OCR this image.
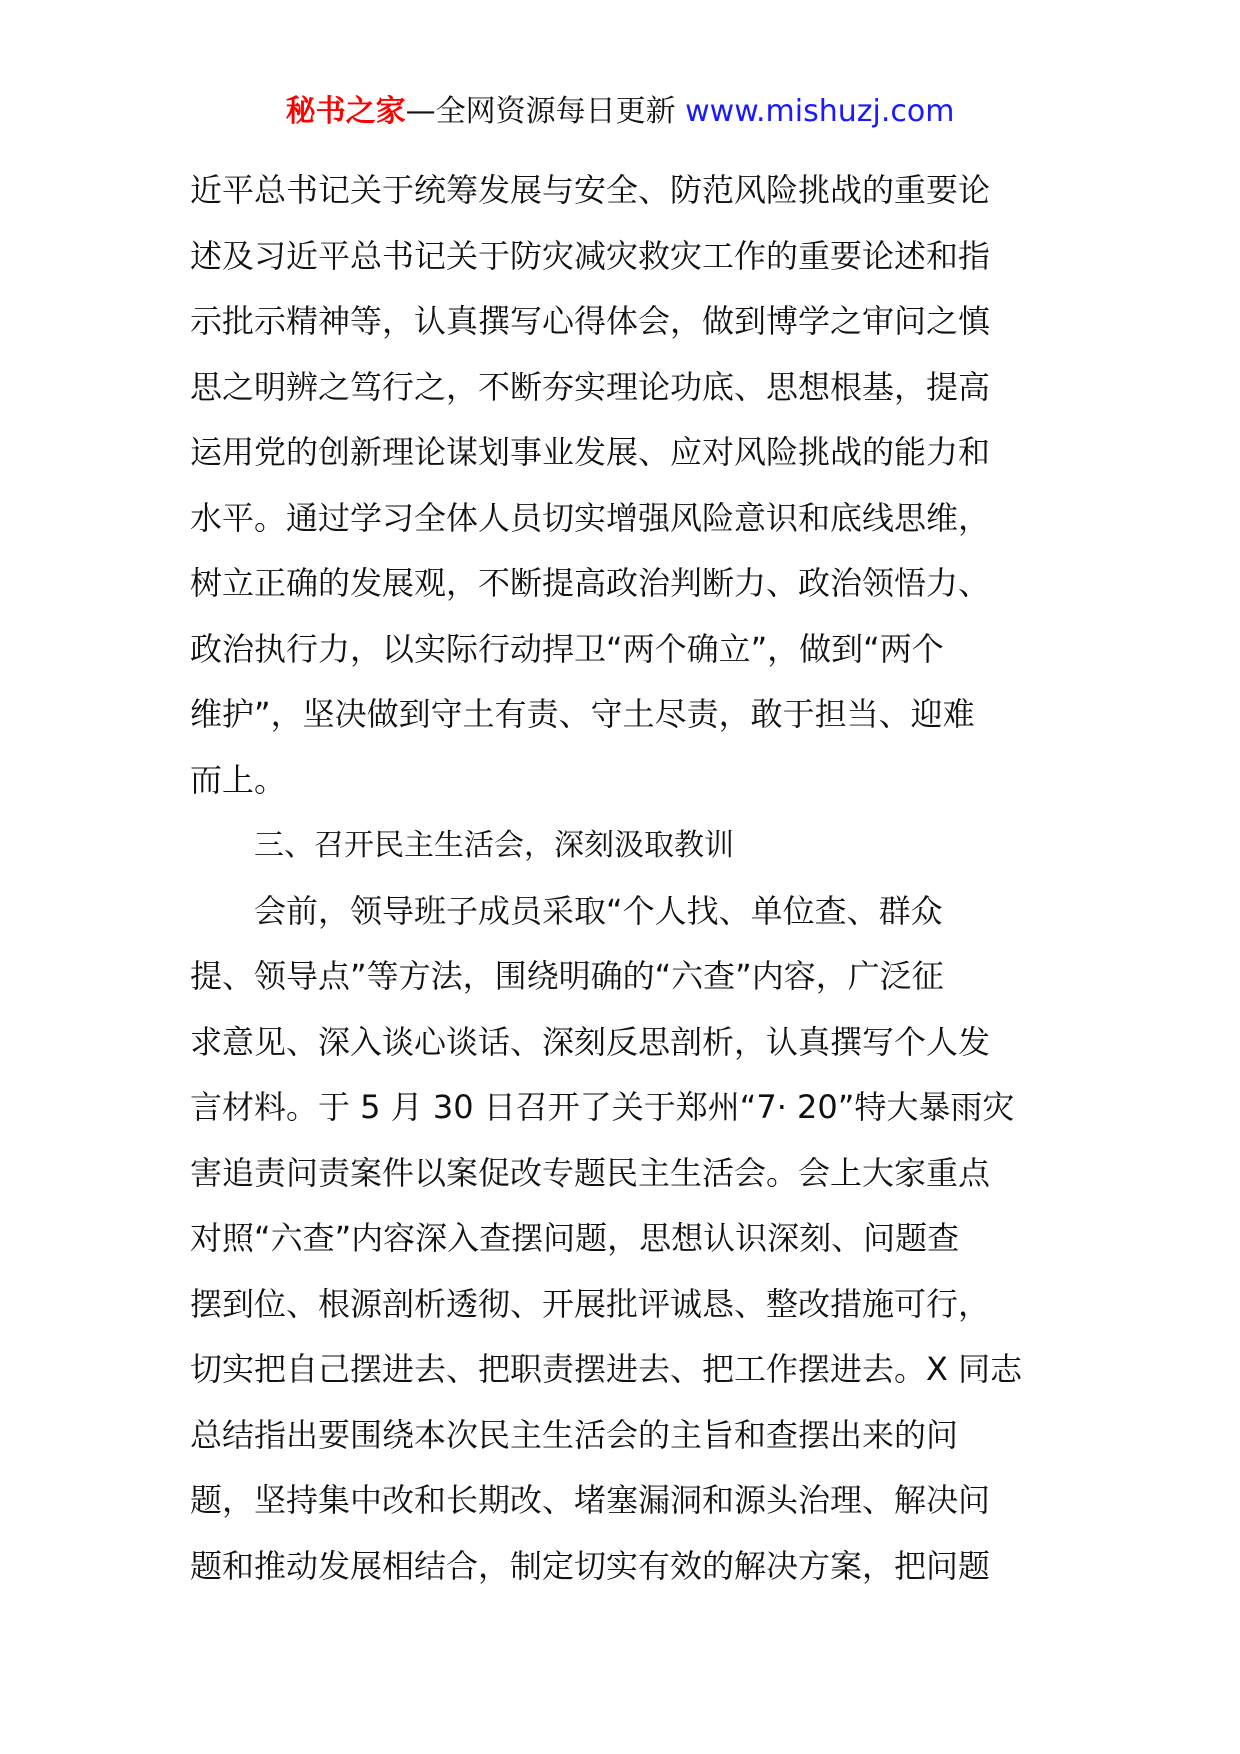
秘书之家—全网资源每日更新 www.mishuzj.com
近平总书记关于统筹发展与安全、防范风险挑战的重要论
述及习近平总书记关于防灾减灾救灾工作的重要论述和指
示批示精神等，认真撰写心得体会，做到博学之审问之慎
思之明辨之笃行之，不断夯实理论功底、思想根基，提高
运用党的创新理论谋划事业发展、应对风险挑战的能力和
水平。通过学习全体人员切实增强风险意识和底线思维，
树立正确的发展观，不断提高政治判断力、政治领悟力、
政治执行力，以实际行动捍卫“两个确立”，做到“两个
维护”，坚决做到守土有责、守土尽责，敢于担当、迎难
而上。
三、召开民主生活会，深刻汲取教训
会前，领导班子成员采取“个人找、单位查、群众
提、领导点”等方法，围绕明确的“六查”内容，广泛征
求意见、深入谈心谈话、深刻反思剖析，认真撰写个人发
言材料。于 5 月 30 日召开了关于郑州“7· 20”特大暴雨灾
害追责问责案件以案促改专题民主生活会。会上大家重点
对照“六查”内容深入查摆问题，思想认识深刻、问题查
摆到位、根源剖析透彻、开展批评诚恳、整改措施可行，
切实把自己摆进去、把职责摆进去、把工作摆进去。X 同志
总结指出要围绕本次民主生活会的主旨和查摆出来的问
题，坚持集中改和长期改、堵塞漏洞和源头治理、解决问
题和推动发展相结合，制定切实有效的解决方案，把问题
